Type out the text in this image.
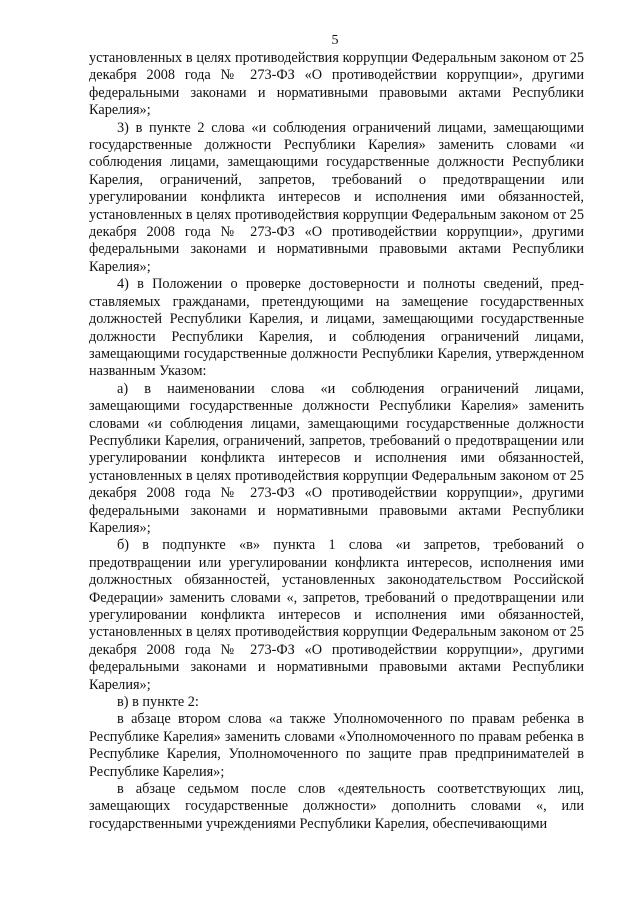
5

установленных в целях противодействия коррупции Федеральным законом от 25 декабря 2008 года № 273-ФЗ «О противодействии коррупции», другими федеральными законами и нормативными правовыми актами Республики Карелия»;

3) в пункте 2 слова «и соблюдения ограничений лицами, замещающими государственные должности Республики Карелия» заменить словами «и соблюдения лицами, замещающими государственные должности Республики Карелия, ограничений, запретов, требований о предотвращении или урегулировании конфликта интересов и исполнения ими обязанностей, установленных в целях противодействия коррупции Федеральным законом от 25 декабря 2008 года № 273-ФЗ «О противодействии коррупции», другими федеральными законами и нормативными правовыми актами Республики Карелия»;

4) в Положении о проверке достоверности и полноты сведений, представляемых гражданами, претендующими на замещение государственных должностей Республики Карелия, и лицами, замещающими государственные должности Республики Карелия, и соблюдения ограничений лицами, замещающими государственные должности Республики Карелия, утвержденном названным Указом:

а) в наименовании слова «и соблюдения ограничений лицами, замещающими государственные должности Республики Карелия» заменить словами «и соблюдения лицами, замещающими государственные должности Республики Карелия, ограничений, запретов, требований о предотвращении или урегулировании конфликта интересов и исполнения ими обязанностей, установленных в целях противодействия коррупции Федеральным законом от 25 декабря 2008 года № 273-ФЗ «О противодействии коррупции», другими федеральными законами и нормативными правовыми актами Республики Карелия»;

б) в подпункте «в» пункта 1 слова «и запретов, требований о предотвращении или урегулировании конфликта интересов, исполнения ими должностных обязанностей, установленных законодательством Российской Федерации» заменить словами «, запретов, требований о предотвращении или урегулировании конфликта интересов и исполнения ими обязанностей, установленных в целях противодействия коррупции Федеральным законом от 25 декабря 2008 года № 273-ФЗ «О противодействии коррупции», другими федеральными законами и нормативными правовыми актами Республики Карелия»;

в) в пункте 2:

в абзаце втором слова «а также Уполномоченного по правам ребенка в Республике Карелия» заменить словами «Уполномоченного по правам ребенка в Республике Карелия, Уполномоченного по защите прав предпринимателей в Республике Карелия»;

в абзаце седьмом после слов «деятельность соответствующих лиц, замещающих государственные должности» дополнить словами «, или государственными учреждениями Республики Карелия, обеспечивающими
